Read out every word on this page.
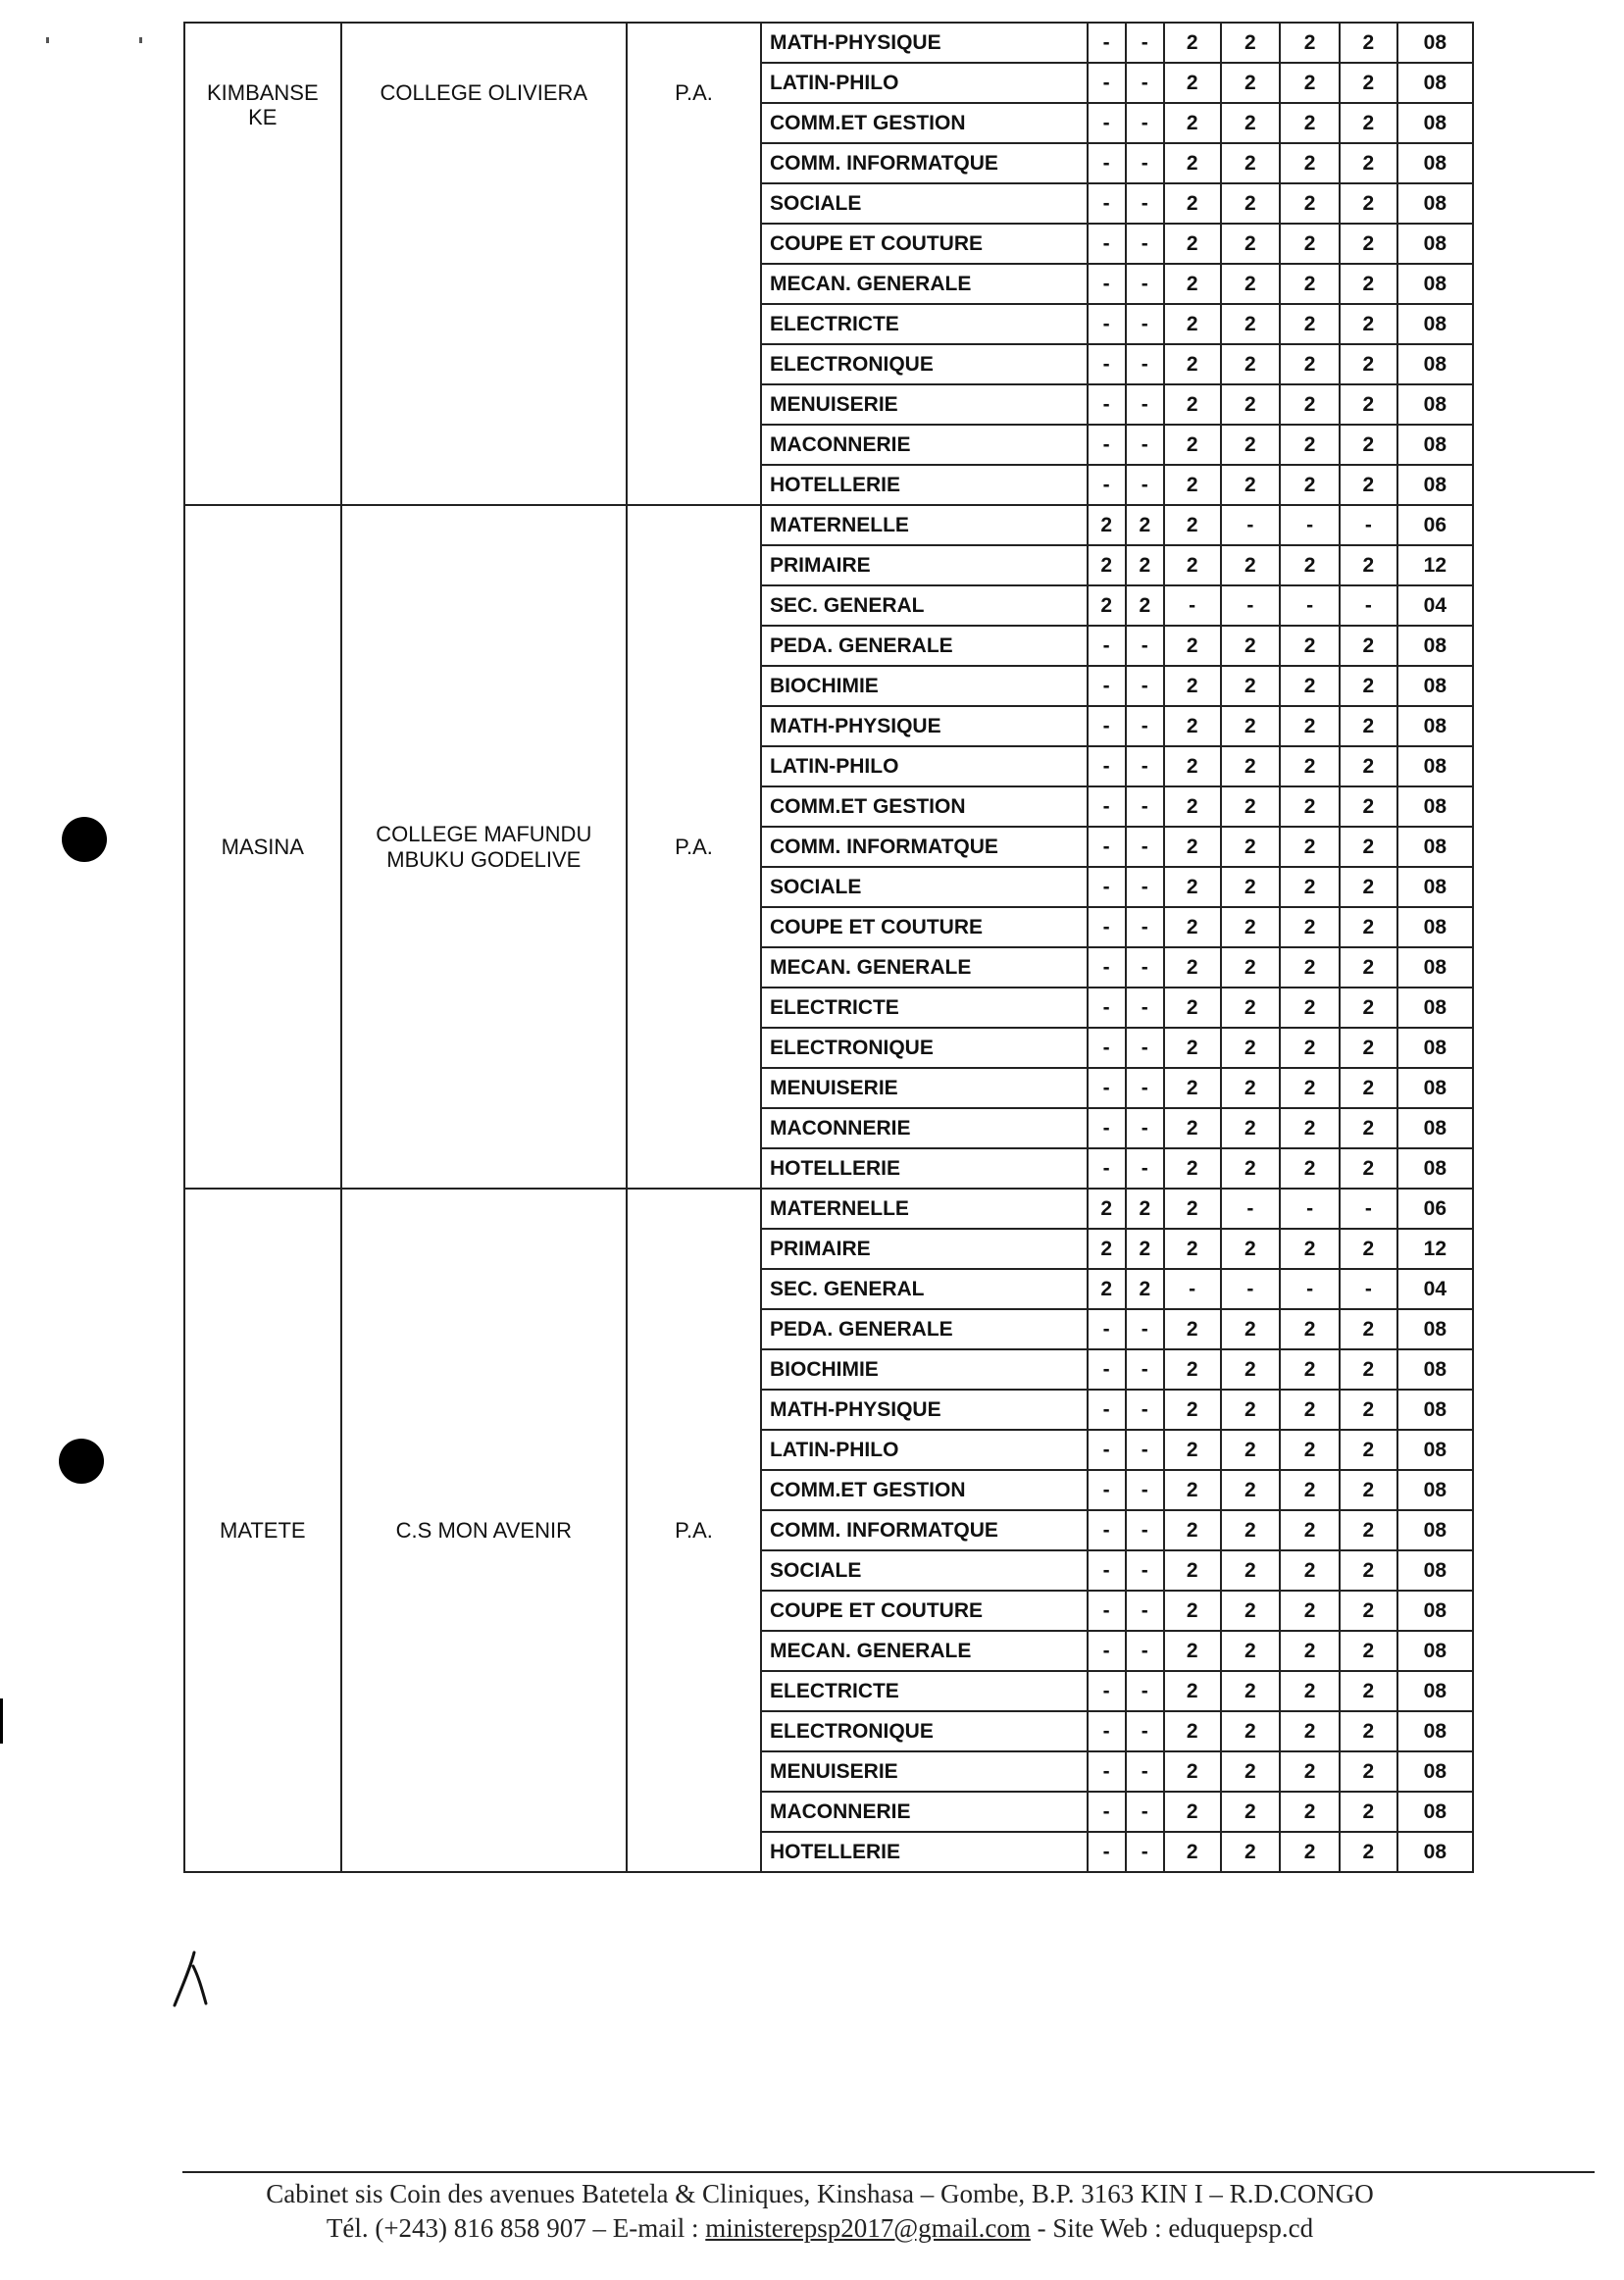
KIMBANSE KE	COLLEGE OLIVIERA	P.A.	MATH-PHYSIQUE	-	-	2	2	2	2	08
			LATIN-PHILO	-	-	2	2	2	2	08
			COMM.ET GESTION	-	-	2	2	2	2	08
			COMM. INFORMATQUE	-	-	2	2	2	2	08
			SOCIALE	-	-	2	2	2	2	08
			COUPE ET COUTURE	-	-	2	2	2	2	08
			MECAN. GENERALE	-	-	2	2	2	2	08
			ELECTRICTE	-	-	2	2	2	2	08
			ELECTRONIQUE	-	-	2	2	2	2	08
			MENUISERIE	-	-	2	2	2	2	08
			MACONNERIE	-	-	2	2	2	2	08
			HOTELLERIE	-	-	2	2	2	2	08
MASINA	COLLEGE MAFUNDU MBUKU GODELIVE	P.A.	MATERNELLE	2	2	2	-	-	-	06
			PRIMAIRE	2	2	2	2	2	2	12
			SEC. GENERAL	2	2	-	-	-	-	04
			PEDA. GENERALE	-	-	2	2	2	2	08
			BIOCHIMIE	-	-	2	2	2	2	08
			MATH-PHYSIQUE	-	-	2	2	2	2	08
			LATIN-PHILO	-	-	2	2	2	2	08
			COMM.ET GESTION	-	-	2	2	2	2	08
			COMM. INFORMATQUE	-	-	2	2	2	2	08
			SOCIALE	-	-	2	2	2	2	08
			COUPE ET COUTURE	-	-	2	2	2	2	08
			MECAN. GENERALE	-	-	2	2	2	2	08
			ELECTRICTE	-	-	2	2	2	2	08
			ELECTRONIQUE	-	-	2	2	2	2	08
			MENUISERIE	-	-	2	2	2	2	08
			MACONNERIE	-	-	2	2	2	2	08
			HOTELLERIE	-	-	2	2	2	2	08
MATETE	C.S MON AVENIR	P.A.	MATERNELLE	2	2	2	-	-	-	06
			PRIMAIRE	2	2	2	2	2	2	12
			SEC. GENERAL	2	2	-	-	-	-	04
			PEDA. GENERALE	-	-	2	2	2	2	08
			BIOCHIMIE	-	-	2	2	2	2	08
			MATH-PHYSIQUE	-	-	2	2	2	2	08
			LATIN-PHILO	-	-	2	2	2	2	08
			COMM.ET GESTION	-	-	2	2	2	2	08
			COMM. INFORMATQUE	-	-	2	2	2	2	08
			SOCIALE	-	-	2	2	2	2	08
			COUPE ET COUTURE	-	-	2	2	2	2	08
			MECAN. GENERALE	-	-	2	2	2	2	08
			ELECTRICTE	-	-	2	2	2	2	08
			ELECTRONIQUE	-	-	2	2	2	2	08
			MENUISERIE	-	-	2	2	2	2	08
			MACONNERIE	-	-	2	2	2	2	08
			HOTELLERIE	-	-	2	2	2	2	08
Cabinet sis Coin des avenues Batetela & Cliniques, Kinshasa – Gombe, B.P. 3163 KIN I – R.D.CONGO
Tél. (+243) 816 858 907 – E-mail : ministerepsp2017@gmail.com - Site Web : eduquepsp.cd
